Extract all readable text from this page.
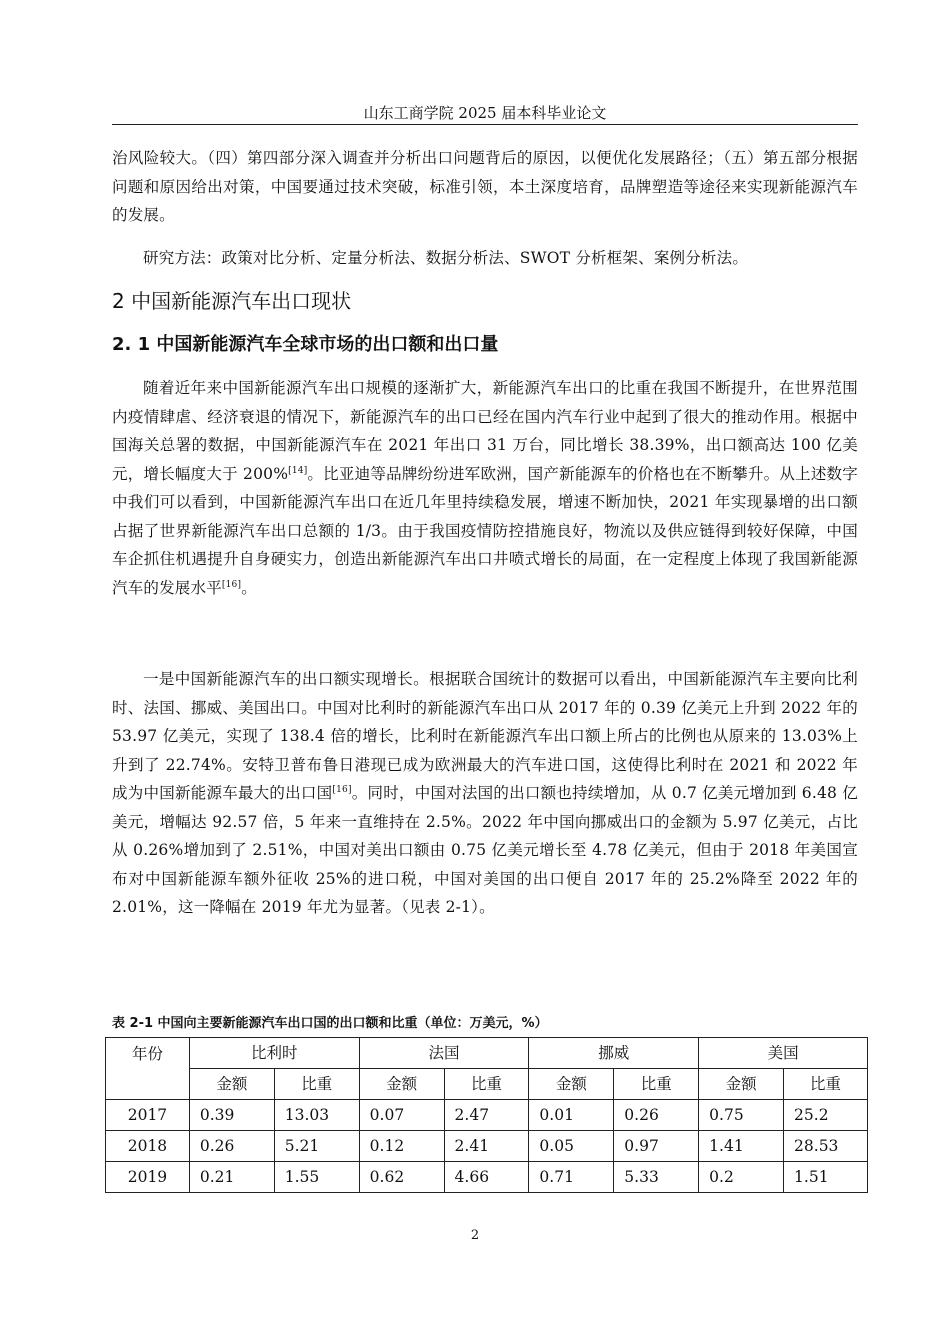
山东工商学院 2025 届本科毕业论文

治风险较大。（四）第四部分深入调查并分析出口问题背后的原因，以便优化发展路径；（五）第五部分根据问题和原因给出对策，中国要通过技术突破，标准引领，本土深度培育，品牌塑造等途径来实现新能源汽车的发展。

研究方法：政策对比分析、定量分析法、数据分析法、SWOT 分析框架、案例分析法。

2 中国新能源汽车出口现状
2. 1 中国新能源汽车全球市场的出口额和出口量

随着近年来中国新能源汽车出口规模的逐渐扩大，新能源汽车出口的比重在我国不断提升，在世界范围内疫情肆虐、经济衰退的情况下，新能源汽车的出口已经在国内汽车行业中起到了很大的推动作用。根据中国海关总署的数据，中国新能源汽车在 2021 年出口 31 万台，同比增长 38.39%，出口额高达 100 亿美元，增长幅度大于 200%[14]。比亚迪等品牌纷纷进军欧洲，国产新能源车的价格也在不断攀升。从上述数字中我们可以看到，中国新能源汽车出口在近几年里持续稳发展，增速不断加快，2021 年实现暴增的出口额占据了世界新能源汽车出口总额的 1/3。由于我国疫情防控措施良好，物流以及供应链得到较好保障，中国车企抓住机遇提升自身硬实力，创造出新能源汽车出口井喷式增长的局面，在一定程度上体现了我国新能源汽车的发展水平[16]。

一是中国新能源汽车的出口额实现增长。根据联合国统计的数据可以看出，中国新能源汽车主要向比利时、法国、挪威、美国出口。中国对比利时的新能源汽车出口从 2017 年的 0.39 亿美元上升到 2022 年的 53.97 亿美元，实现了 138.4 倍的增长，比利时在新能源汽车出口额上所占的比例也从原来的 13.03%上升到了 22.74%。安特卫普布鲁日港现已成为欧洲最大的汽车进口国，这使得比利时在 2021 和 2022 年成为中国新能源车最大的出口国[16]。同时，中国对法国的出口额也持续增加，从 0.7 亿美元增加到 6.48 亿美元，增幅达 92.57 倍，5 年来一直维持在 2.5%。2022 年中国向挪威出口的金额为 5.97 亿美元，占比从 0.26%增加到了 2.51%，中国对美出口额由 0.75 亿美元增长至 4.78 亿美元，但由于 2018 年美国宣布对中国新能源车额外征收 25%的进口税，中国对美国的出口便自 2017 年的 25.2%降至 2022 年的 2.01%，这一降幅在 2019 年尤为显著。（见表 2-1）。

表 2-1 中国向主要新能源汽车出口国的出口额和比重（单位：万美元，%）
年份	比利时		法国		挪威		美国	
	金额	比重	金额	比重	金额	比重	金额	比重
2017	0.39	13.03	0.07	2.47	0.01	0.26	0.75	25.2
2018	0.26	5.21	0.12	2.41	0.05	0.97	1.41	28.53
2019	0.21	1.55	0.62	4.66	0.71	5.33	0.2	1.51
2
